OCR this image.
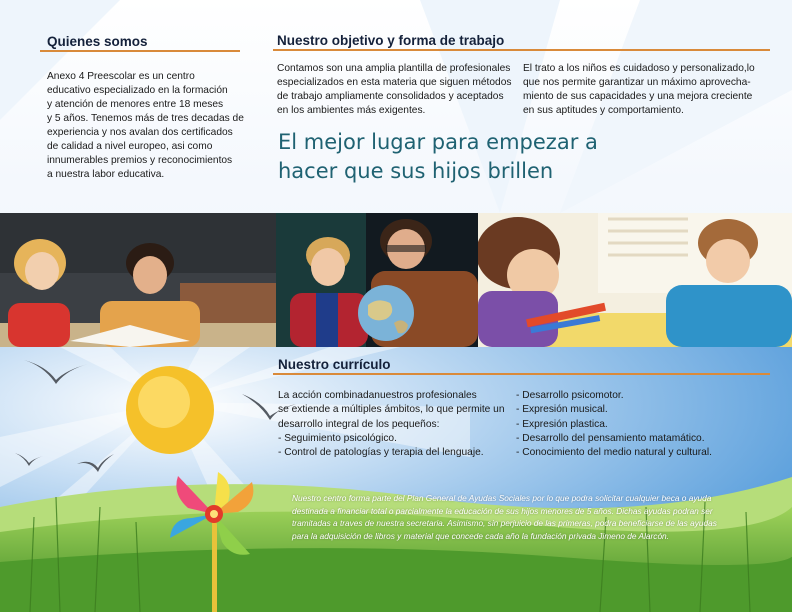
Quienes somos

Anexo 4 Preescolar es un centro

educativo especializado en la formación

y atención de menores entre 18 meses

y 5 años. Tenemos más de tres decadas de

experiencia y nos avalan dos certificados

de calidad a nivel europeo, asi como

innumerables premios y reconocimientos

a nuestra labor educativa.

Nuestro objetivo y forma de trabajo

Contamos son una amplia plantilla de profesionales

especializados en esta materia que siguen métodos

de trabajo ampliamente consolidados y aceptados

en los ambientes más exigentes.

El trato a los niños es cuidadoso y personalizado,lo

que nos permite garantizar un máximo aprovecha-

miento de sus capacidades y una mejora creciente

en sus aptitudes y comportamiento.

El mejor lugar para empezar a
hacer que sus hijos brillen
Nuestro currículo
La acción combinadanuestros profesionales
se extiende a múltiples ámbitos, lo que permite un
desarrollo integral de los pequeños:
- Seguimiento psicológico.
- Control de patologías y terapia del lenguaje.
- Desarrollo psicomotor.
- Expresión musical.
- Expresión plastica.
- Desarrollo del pensamiento matamático.
- Conocimiento del medio natural y cultural.
Nuestro centro forma parte del Plan General de Ayudas Sociales por lo que podra solicitar cualquier beca o ayuda
destinada a financiar total o parcialmente la educación de sus hijos menores de 5 años. Dichas ayudas podran ser
tramitadas a traves de nuestra secretaria. Asimismo, sin perjuicio de las primeras, podra beneficiarse de las ayudas
para la adquisición de libros y material que concede cada año la fundación privada Jimeno de Alarcón.
